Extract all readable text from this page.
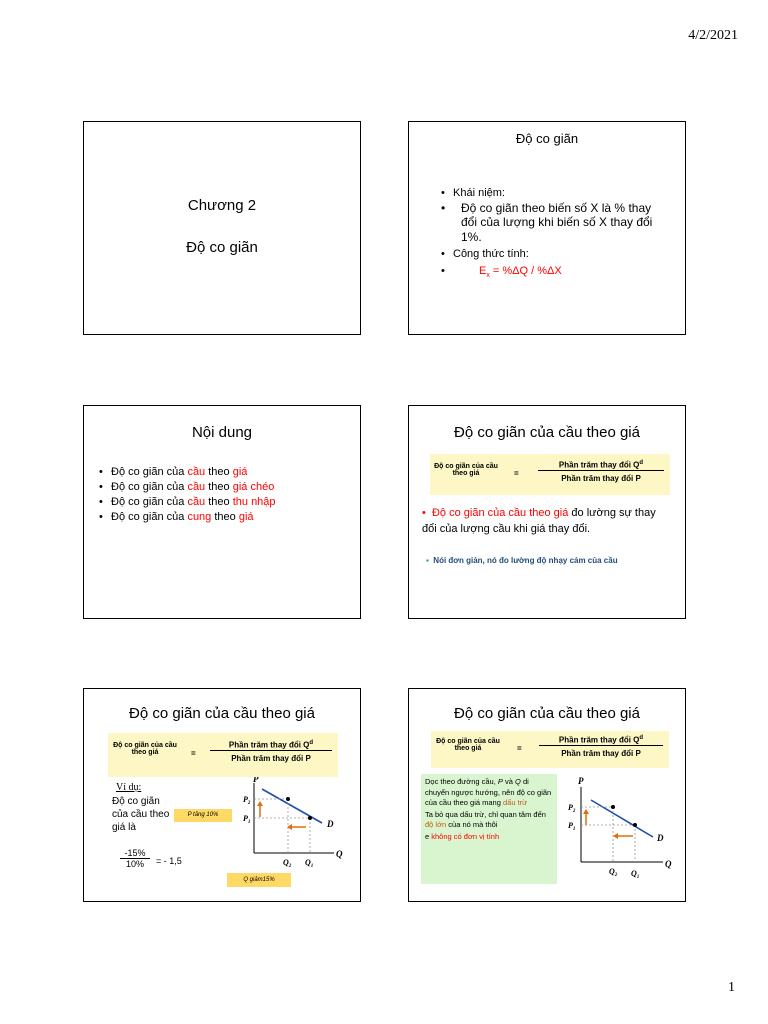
4/2/2021
1
Chương 2
Độ co giãn
Độ co giãn
• Khái niệm:
• Độ co giãn theo biến số X là % thay đổi của lượng khi biến số X thay đổi 1%.
• Công thức tính:
• $E_x = \%\Delta Q / \%\Delta X$
Nội dung
• Độ co giãn của cầu theo giá
• Độ co giãn của cầu theo giá chéo
• Độ co giãn của cầu theo thu nhập
• Độ co giãn của cung theo giá
Độ co giãn của cầu theo giá
Độ co giãn của cầu theo giá	=
Phần trăm thay đổi $Q^d$
Phần trăm thay đổi P
•  Độ co giãn của cầu theo giá đo lường sự thay đổi của lượng cầu khi giá thay đổi.
▪ Nói đơn giản, nó đo lường độ nhạy cảm của cầu
Độ co giãn của cầu theo giá
Độ co giãn của cầu theo giá	=
Phần trăm thay đổi $Q^d$
Phần trăm thay đổi P
Ví dụ:
Độ co giãn của cầu theo giá là
-15%
10%	= - 1,5
P tăng 10%
Q giảm15%
P
Q
D
$P_2$
$P_1$
$Q_2$ $Q_1$
Độ co giãn của cầu theo giá
Độ co giãn của cầu theo giá	=
Phần trăm thay đổi $Q^d$
Phần trăm thay đổi P
Dọc theo đường cầu, P và Q di chuyển ngược hướng, nên độ co giãn của cầu theo giá mang dấu trừ
Ta bỏ qua dấu trừ, chỉ quan tâm đến độ lớn của nó mà thôi
e không có đơn vị tính
P
Q
D
$P_2$
$P_1$
$Q_2$ $Q_1$
